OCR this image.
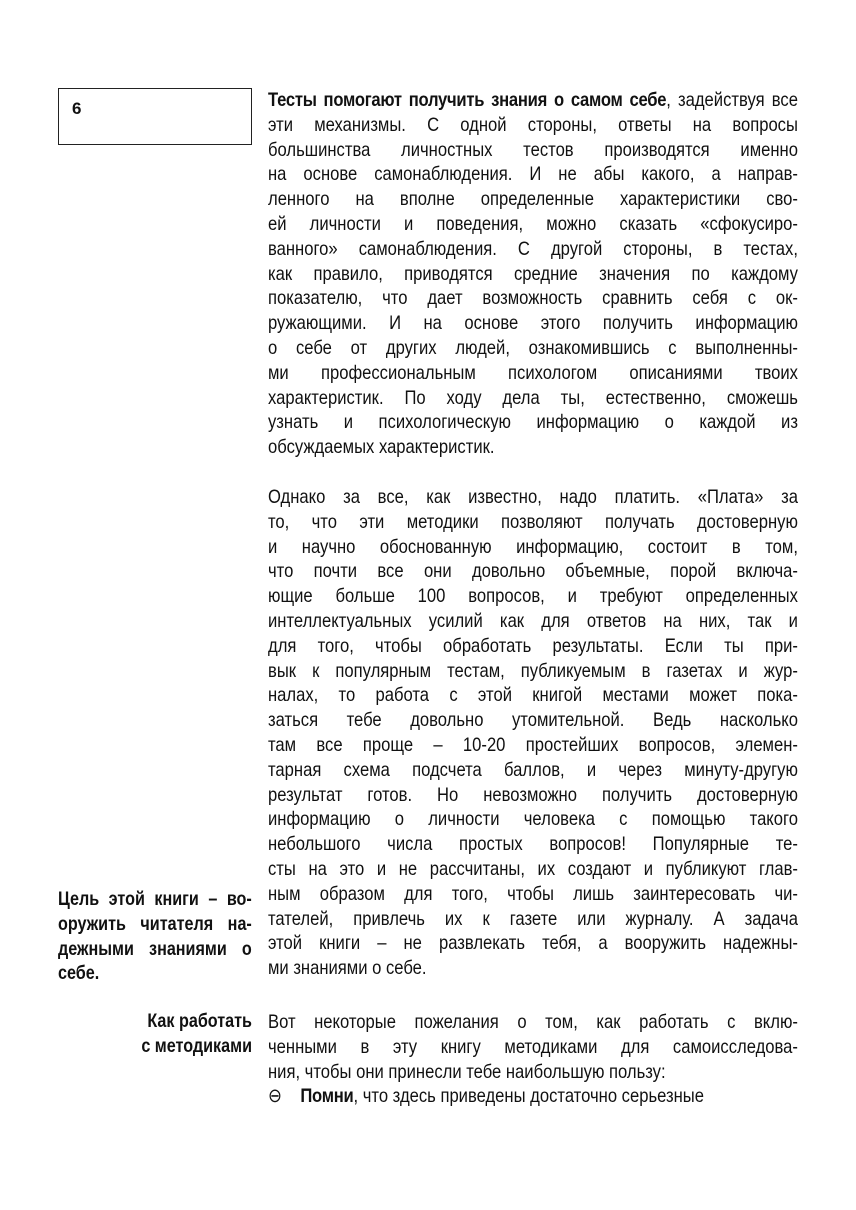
6	Тесты помогают получить знания о самом себе, задействуя все
эти механизмы. С одной стороны, ответы на вопросы
большинства личностных тестов производятся именно
на основе самонаблюдения. И не абы какого, а направ-
ленного на вполне определенные характеристики сво-
ей личности и поведения, можно сказать «сфокусиро-
ванного» самонаблюдения. С другой стороны, в тестах,
как правило, приводятся средние значения по каждому
показателю, что дает возможность сравнить себя с ок-
ружающими. И на основе этого получить информацию
о себе от других людей, ознакомившись с выполненны-
ми профессиональным психологом описаниями твоих
характеристик. По ходу дела ты, естественно, сможешь
узнать и психологическую информацию о каждой из
обсуждаемых характеристик.
Однако за все, как известно, надо платить. «Плата» за
то, что эти методики позволяют получать достоверную
и научно обоснованную информацию, состоит в том,
что почти все они довольно объемные, порой включа-
ющие больше 100 вопросов, и требуют определенных
интеллектуальных усилий как для ответов на них, так и
для того, чтобы обработать результаты. Если ты при-
вык к популярным тестам, публикуемым в газетах и жур-
налах, то работа с этой книгой местами может пока-
заться тебе довольно утомительной. Ведь насколько
там все проще – 10-20 простейших вопросов, элемен-
тарная схема подсчета баллов, и через минуту-другую
результат готов. Но невозможно получить достоверную
информацию о личности человека с помощью такого
небольшого числа простых вопросов! Популярные те-
сты на это и не рассчитаны, их создают и публикуют глав-
ным образом для того, чтобы лишь заинтересовать чи-
тателей, привлечь их к газете или журналу. А задача
этой книги – не развлекать тебя, а вооружить надежны-
ми знаниями о себе.
Вот некоторые пожелания о том, как работать с вклю-
ченными в эту книгу методиками для самоисследова-
ния, чтобы они принесли тебе наибольшую пользу:
⊖ Помни, что здесь приведены достаточно серьезные
Цель этой книги – во-
оружить читателя на-
дежными знаниями о
себе.
Как работать
с методиками
